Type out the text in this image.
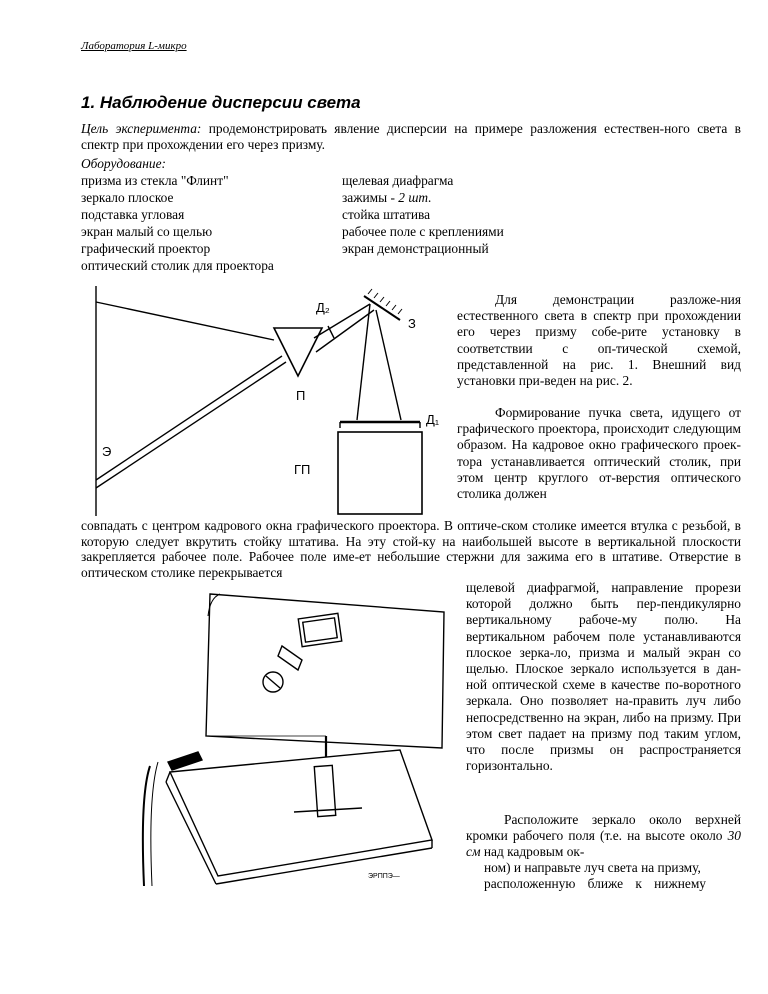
Лаборатория L-микро
1. Наблюдение дисперсии света

Цель эксперимента: продемонстрировать явление дисперсии на примере разложения естествен-ного света в спектр при прохождении его через призму.

Оборудование:
призма из стекла "Флинт"
зеркало плоское
подставка угловая
экран малый со щелью
графический проектор
оптический столик для проектора
щелевая диафрагма
зажимы - 2 шт.
стойка штатива
рабочее поле с креплениями
экран демонстрационный
Д₂
З
П
Д₁
Э
ГП

Для демонстрации разложе-ния естественного света в спектр при прохождении его через призму собе-рите установку в соответствии с оп-тической схемой, представленной на рис. 1. Внешний вид установки при-веден на рис. 2.

Формирование пучка света, идущего от графического проектора, происходит следующим образом. На кадровое окно графического проек-тора устанавливается оптический столик, при этом центр круглого от-верстия оптического столика должен

совпадать с центром кадрового окна графического проектора. В оптиче-ском столике имеется втулка с резьбой, в которую следует вкрутить стойку штатива. На эту стой-ку на наибольшей высоте в вертикальной плоскости закрепляется рабочее поле. Рабочее поле име-ет небольшие стержни для зажима его в штативе. Отверстие в оптическом столике перекрывается

ЭРППЭ—

щелевой диафрагмой, направление прорези которой должно быть пер-пендикулярно вертикальному рабоче-му полю. На вертикальном рабочем поле устанавливаются плоское зерка-ло, призма и малый экран со щелью. Плоское зеркало используется в дан-ной оптической схеме в качестве по-воротного зеркала. Оно позволяет на-править луч либо непосредственно на экран, либо на призму. При этом свет падает на призму под таким углом, что после призмы он распространяется горизонтально.

Расположите зеркало около верхней кромки рабочего поля (т.е. на высоте около 30 см над кадровым ок-

ном) и направьте луч света на призму,
расположенную ближе к нижнему
